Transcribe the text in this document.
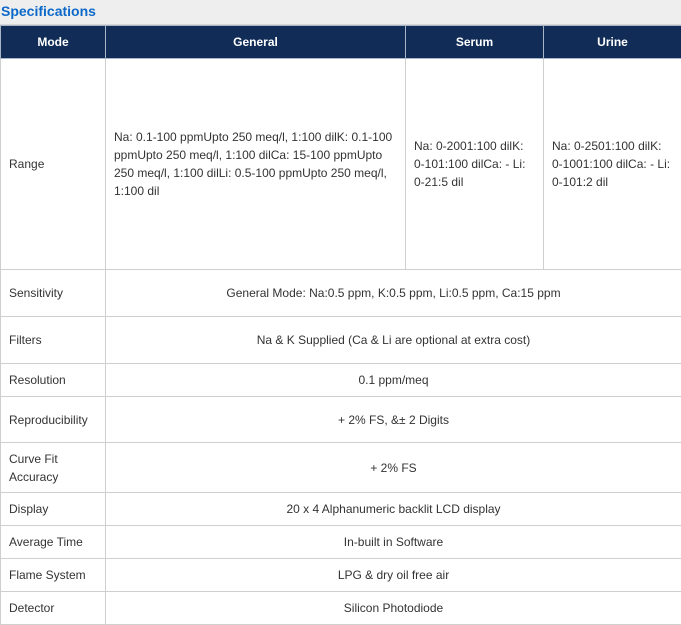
Specifications
Mode	General	Serum	Urine
Range	Na: 0.1-100 ppmUpto 250 meq/l, 1:100 dilK: 0.1-100 ppmUpto 250 meq/l, 1:100 dilCa: 15-100 ppmUpto 250 meq/l, 1:100 dilLi: 0.5-100 ppmUpto 250 meq/l, 1:100 dil	Na: 0-2001:100 dilK: 0-101:100 dilCa: - Li: 0-21:5 dil	Na: 0-2501:100 dilK: 0-1001:100 dilCa: - Li: 0-101:2 dil
Sensitivity	General Mode: Na:0.5 ppm, K:0.5 ppm, Li:0.5 ppm, Ca:15 ppm		
Filters	Na & K Supplied (Ca & Li are optional at extra cost)		
Resolution	0.1 ppm/meq		
Reproducibility	+ 2% FS, &± 2 Digits		
Curve Fit Accuracy	+ 2% FS		
Display	20 x 4 Alphanumeric backlit LCD display		
Average Time	In-built in Software		
Flame System	LPG & dry oil free air		
Detector	Silicon Photodiode		
